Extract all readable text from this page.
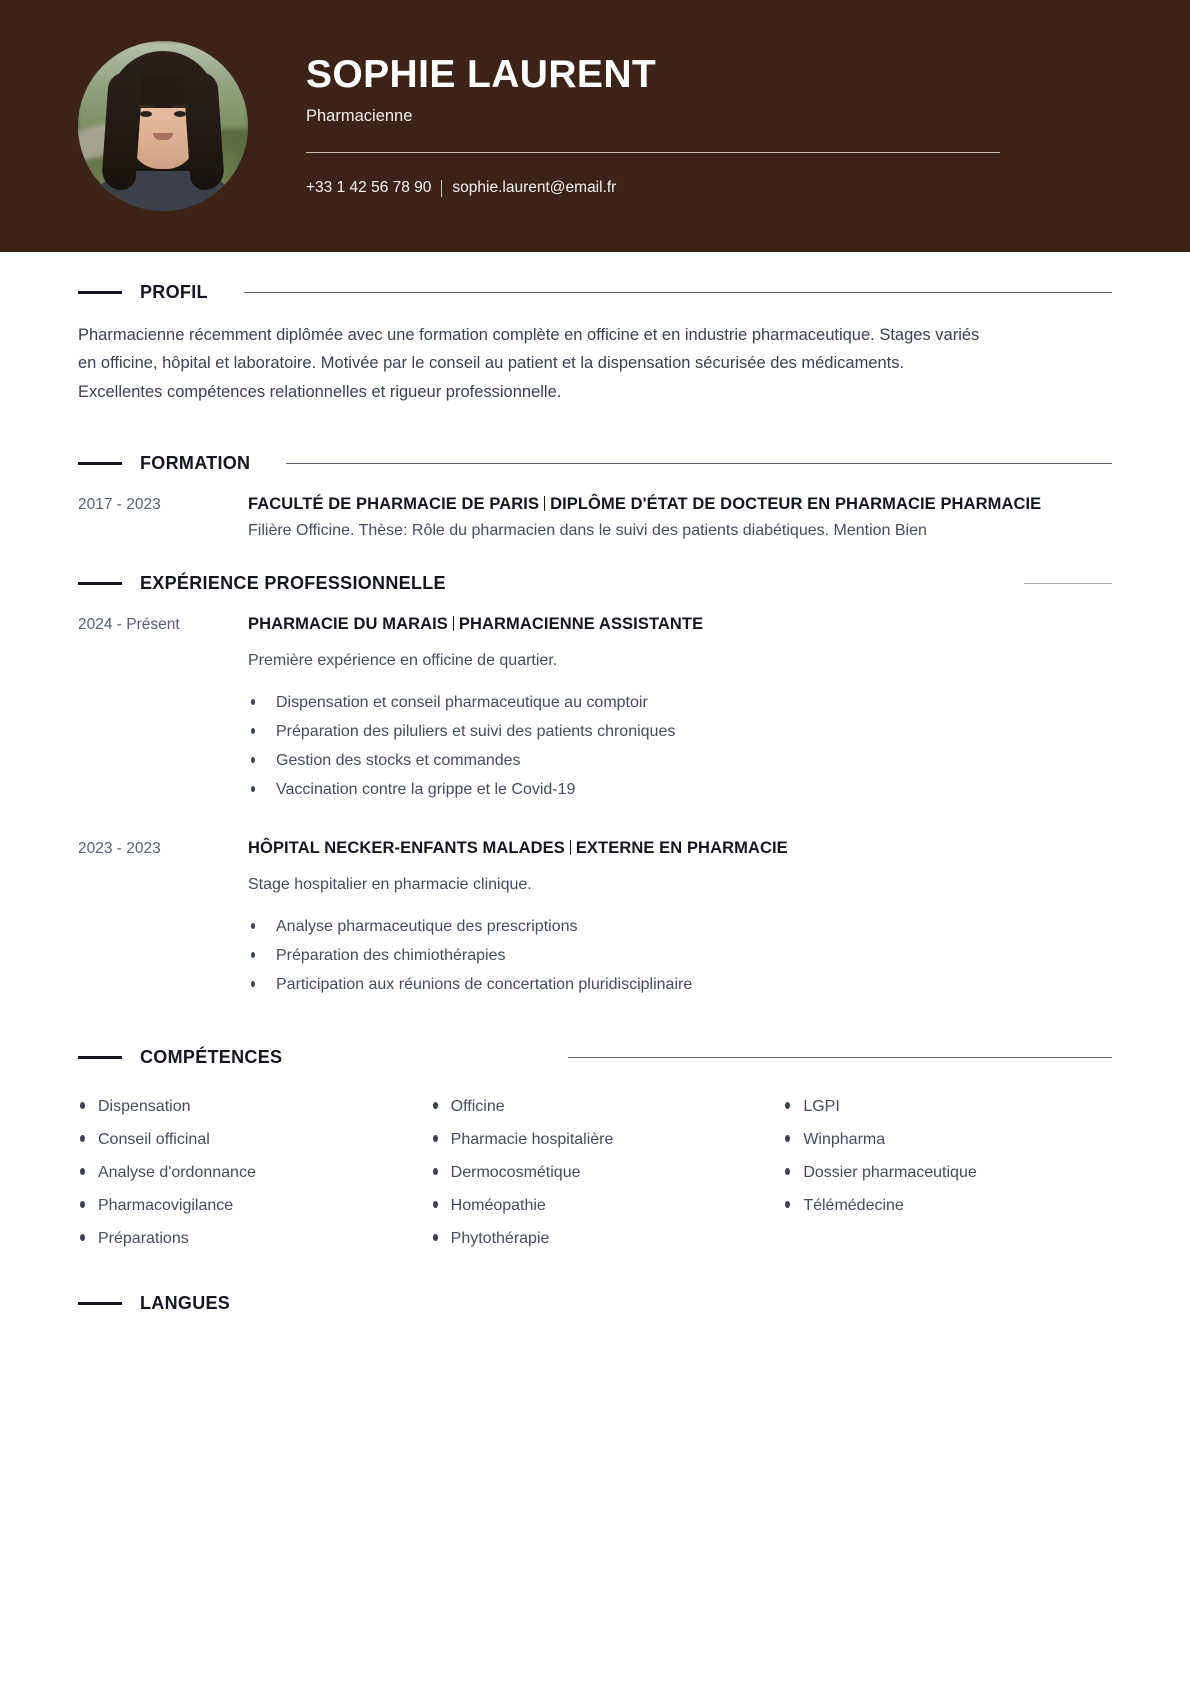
SOPHIE LAURENT
Pharmacienne
+33 1 42 56 78 90 sophie.laurent@email.fr
PROFIL

Pharmacienne récemment diplômée avec une formation complète en officine et en industrie pharmaceutique. Stages variés en officine, hôpital et laboratoire. Motivée par le conseil au patient et la dispensation sécurisée des médicaments. Excellentes compétences relationnelles et rigueur professionnelle.

FORMATION
2017 - 2023	FACULTÉ DE PHARMACIE DE PARIS DIPLÔME D'ÉTAT DE DOCTEUR EN PHARMACIE PHARMACIE
Filière Officine. Thèse: Rôle du pharmacien dans le suivi des patients diabétiques. Mention Bien
EXPÉRIENCE PROFESSIONNELLE
2024 - Présent	PHARMACIE DU MARAIS PHARMACIENNE ASSISTANTE
Première expérience en officine de quartier.
Dispensation et conseil pharmaceutique au comptoir
Préparation des piluliers et suivi des patients chroniques
Gestion des stocks et commandes
Vaccination contre la grippe et le Covid-19
2023 - 2023	HÔPITAL NECKER-ENFANTS MALADES EXTERNE EN PHARMACIE
Stage hospitalier en pharmacie clinique.
Analyse pharmaceutique des prescriptions
Préparation des chimiothérapies
Participation aux réunions de concertation pluridisciplinaire
COMPÉTENCES
Dispensation
Conseil officinal
Analyse d'ordonnance
Pharmacovigilance
Préparations
Officine
Pharmacie hospitalière
Dermocosmétique
Homéopathie
Phytothérapie
LGPI
Winpharma
Dossier pharmaceutique
Télémédecine
LANGUES
